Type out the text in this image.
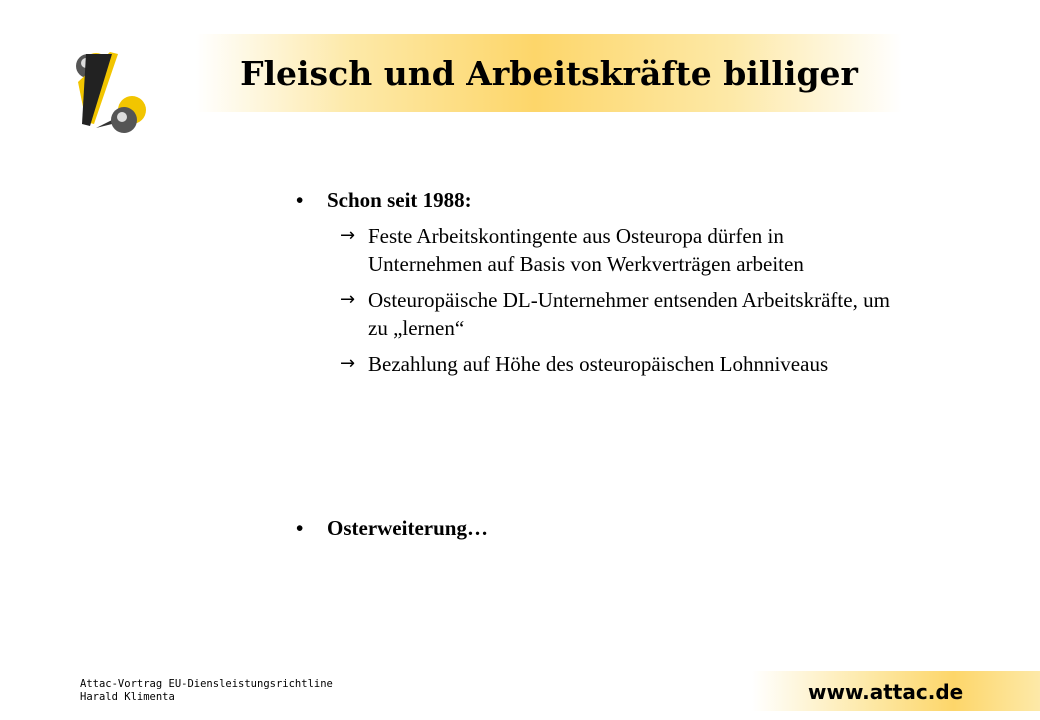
Fleisch und Arbeitskräfte billiger
• Schon seit 1988:
→ Feste Arbeitskontingente aus Osteuropa dürfen in Unternehmen auf Basis von Werkverträgen arbeiten
→ Osteuropäische DL-Unternehmer entsenden Arbeitskräfte, um zu „lernen“
→ Bezahlung auf Höhe des osteuropäischen Lohnniveaus
• Osterweiterung…
Attac-Vortrag EU-Diensleistungsrichtline
Harald Klimenta	www.attac.de
